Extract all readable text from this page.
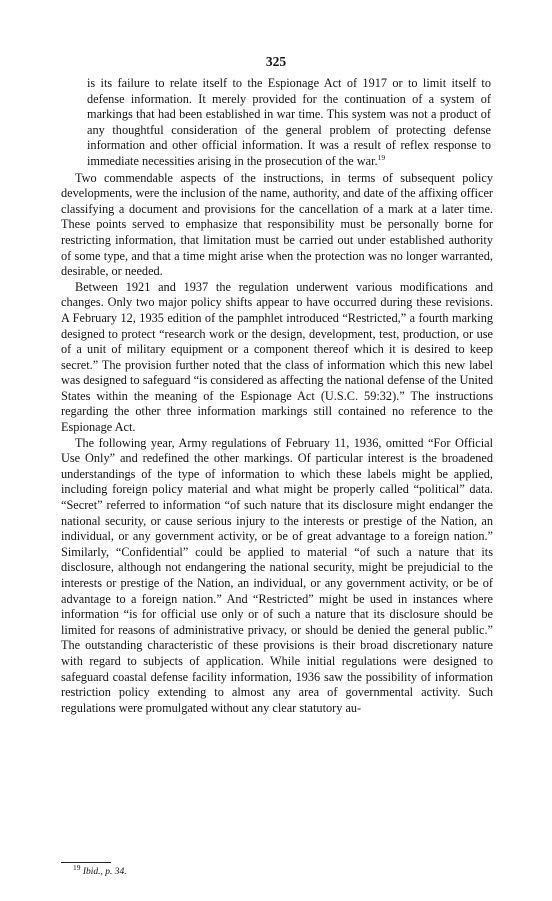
325

is its failure to relate itself to the Espionage Act of 1917 or to limit itself to defense information. It merely provided for the continuation of a system of markings that had been established in war time. This system was not a product of any thoughtful consideration of the general problem of protecting defense information and other official information. It was a result of reflex response to immediate necessities arising in the prosecution of the war.$^{19}$

Two commendable aspects of the instructions, in terms of subsequent policy developments, were the inclusion of the name, authority, and date of the affixing officer classifying a document and provisions for the cancellation of a mark at a later time. These points served to emphasize that responsibility must be personally borne for restricting information, that limitation must be carried out under established authority of some type, and that a time might arise when the protection was no longer warranted, desirable, or needed.

Between 1921 and 1937 the regulation underwent various modifications and changes. Only two major policy shifts appear to have occurred during these revisions. A February 12, 1935 edition of the pamphlet introduced “Restricted,” a fourth marking designed to protect “research work or the design, development, test, production, or use of a unit of military equipment or a component thereof which it is desired to keep secret.” The provision further noted that the class of information which this new label was designed to safeguard “is considered as affecting the national defense of the United States within the meaning of the Espionage Act (U.S.C. 59:32).” The instructions regarding the other three information markings still contained no reference to the Espionage Act.

The following year, Army regulations of February 11, 1936, omitted “For Official Use Only” and redefined the other markings. Of particular interest is the broadened understandings of the type of information to which these labels might be applied, including foreign policy material and what might be properly called “political” data. “Secret” referred to information “of such nature that its disclosure might endanger the national security, or cause serious injury to the interests or prestige of the Nation, an individual, or any government activity, or be of great advantage to a foreign nation.” Similarly, “Confidential” could be applied to material “of such a nature that its disclosure, although not endangering the national security, might be prejudicial to the interests or prestige of the Nation, an individual, or any government activity, or be of advantage to a foreign nation.” And “Restricted” might be used in instances where information “is for official use only or of such a nature that its disclosure should be limited for reasons of administrative privacy, or should be denied the general public.” The outstanding characteristic of these provisions is their broad discretionary nature with regard to subjects of application. While initial regulations were designed to safeguard coastal defense facility information, 1936 saw the possibility of information restriction policy extending to almost any area of governmental activity. Such regulations were promulgated without any clear statutory au-

$^{19}$ Ibid., p. 34.
